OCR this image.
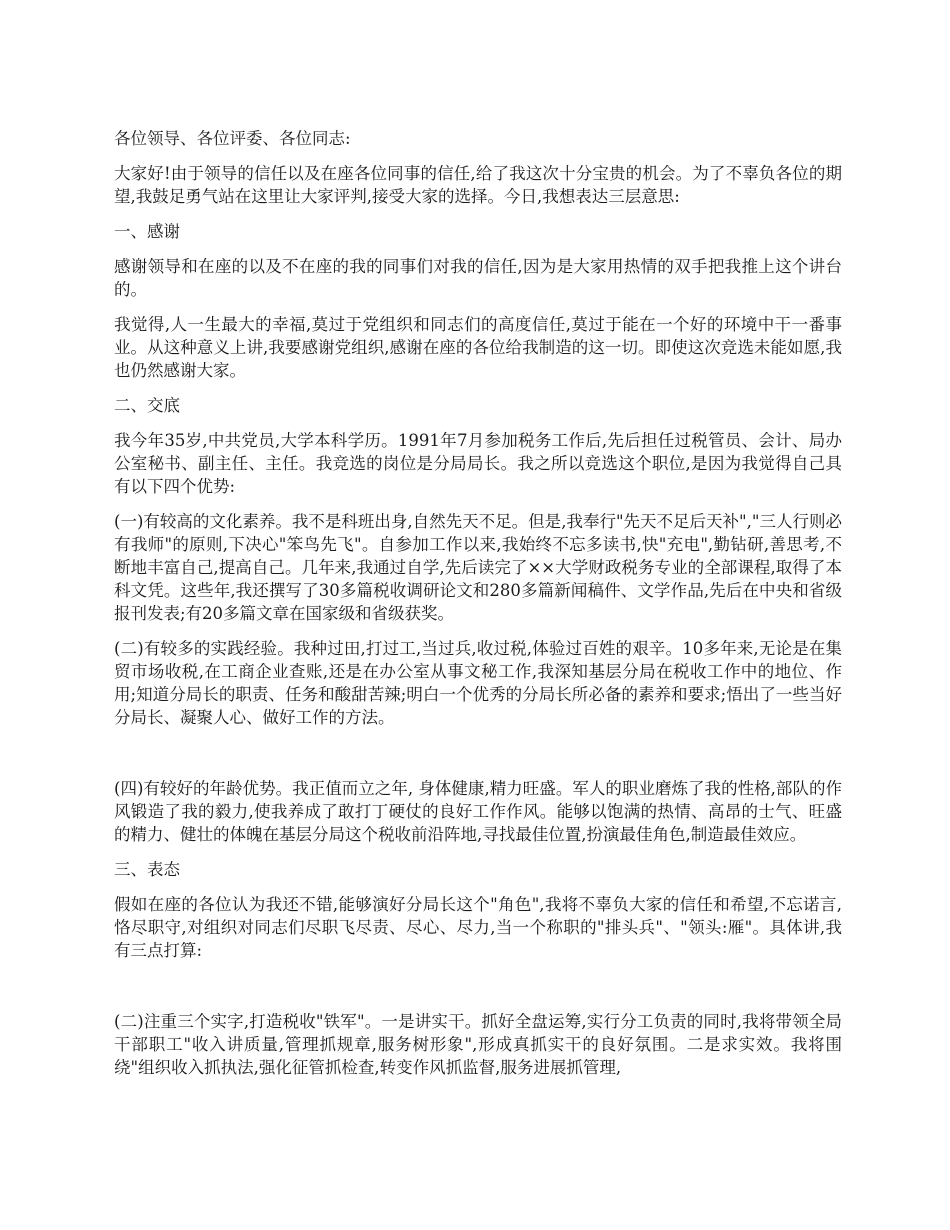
各位领导、各位评委、各位同志:

大家好!由于领导的信任以及在座各位同事的信任,给了我这次十分宝贵的机会。为了不辜负各位的期望,我鼓足勇气站在这里让大家评判,接受大家的选择。今日,我想表达三层意思:

一、感谢

感谢领导和在座的以及不在座的我的同事们对我的信任,因为是大家用热情的双手把我推上这个讲台的。

我觉得,人一生最大的幸福,莫过于党组织和同志们的高度信任,莫过于能在一个好的环境中干一番事业。从这种意义上讲,我要感谢党组织,感谢在座的各位给我制造的这一切。即使这次竞选未能如愿,我也仍然感谢大家。

二、交底

我今年35岁,中共党员,大学本科学历。1991年7月参加税务工作后,先后担任过税管员、会计、局办公室秘书、副主任、主任。我竞选的岗位是分局局长。我之所以竞选这个职位,是因为我觉得自己具有以下四个优势:

(一)有较高的文化素养。我不是科班出身,自然先天不足。但是,我奉行"先天不足后天补","三人行则必有我师"的原则,下决心"笨鸟先飞"。自参加工作以来,我始终不忘多读书,快"充电",勤钻研,善思考,不断地丰富自己,提高自己。几年来,我通过自学,先后读完了××大学财政税务专业的全部课程,取得了本科文凭。这些年,我还撰写了30多篇税收调研论文和280多篇新闻稿件、文学作品,先后在中央和省级报刊发表;有20多篇文章在国家级和省级获奖。

(二)有较多的实践经验。我种过田,打过工,当过兵,收过税,体验过百姓的艰辛。10多年来,无论是在集贸市场收税,在工商企业查账,还是在办公室从事文秘工作,我深知基层分局在税收工作中的地位、作用;知道分局长的职责、任务和酸甜苦辣;明白一个优秀的分局长所必备的素养和要求;悟出了一些当好分局长、凝聚人心、做好工作的方法。

(四)有较好的年龄优势。我正值而立之年, 身体健康,精力旺盛。军人的职业磨炼了我的性格,部队的作风锻造了我的毅力,使我养成了敢打丁硬仗的良好工作作风。能够以饱满的热情、高昂的士气、旺盛的精力、健壮的体魄在基层分局这个税收前沿阵地,寻找最佳位置,扮演最佳角色,制造最佳效应。

三、表态

假如在座的各位认为我还不错,能够演好分局长这个"角色",我将不辜负大家的信任和希望,不忘诺言,恪尽职守,对组织对同志们尽职飞尽责、尽心、尽力,当一个称职的"排头兵"、"领头:雁"。具体讲,我有三点打算:

(二)注重三个实字,打造税收"铁军"。一是讲实干。抓好全盘运筹,实行分工负责的同时,我将带领全局干部职工"收入讲质量,管理抓规章,服务树形象",形成真抓实干的良好氛围。二是求实效。我将围绕"组织收入抓执法,强化征管抓检查,转变作风抓监督,服务进展抓管理,
